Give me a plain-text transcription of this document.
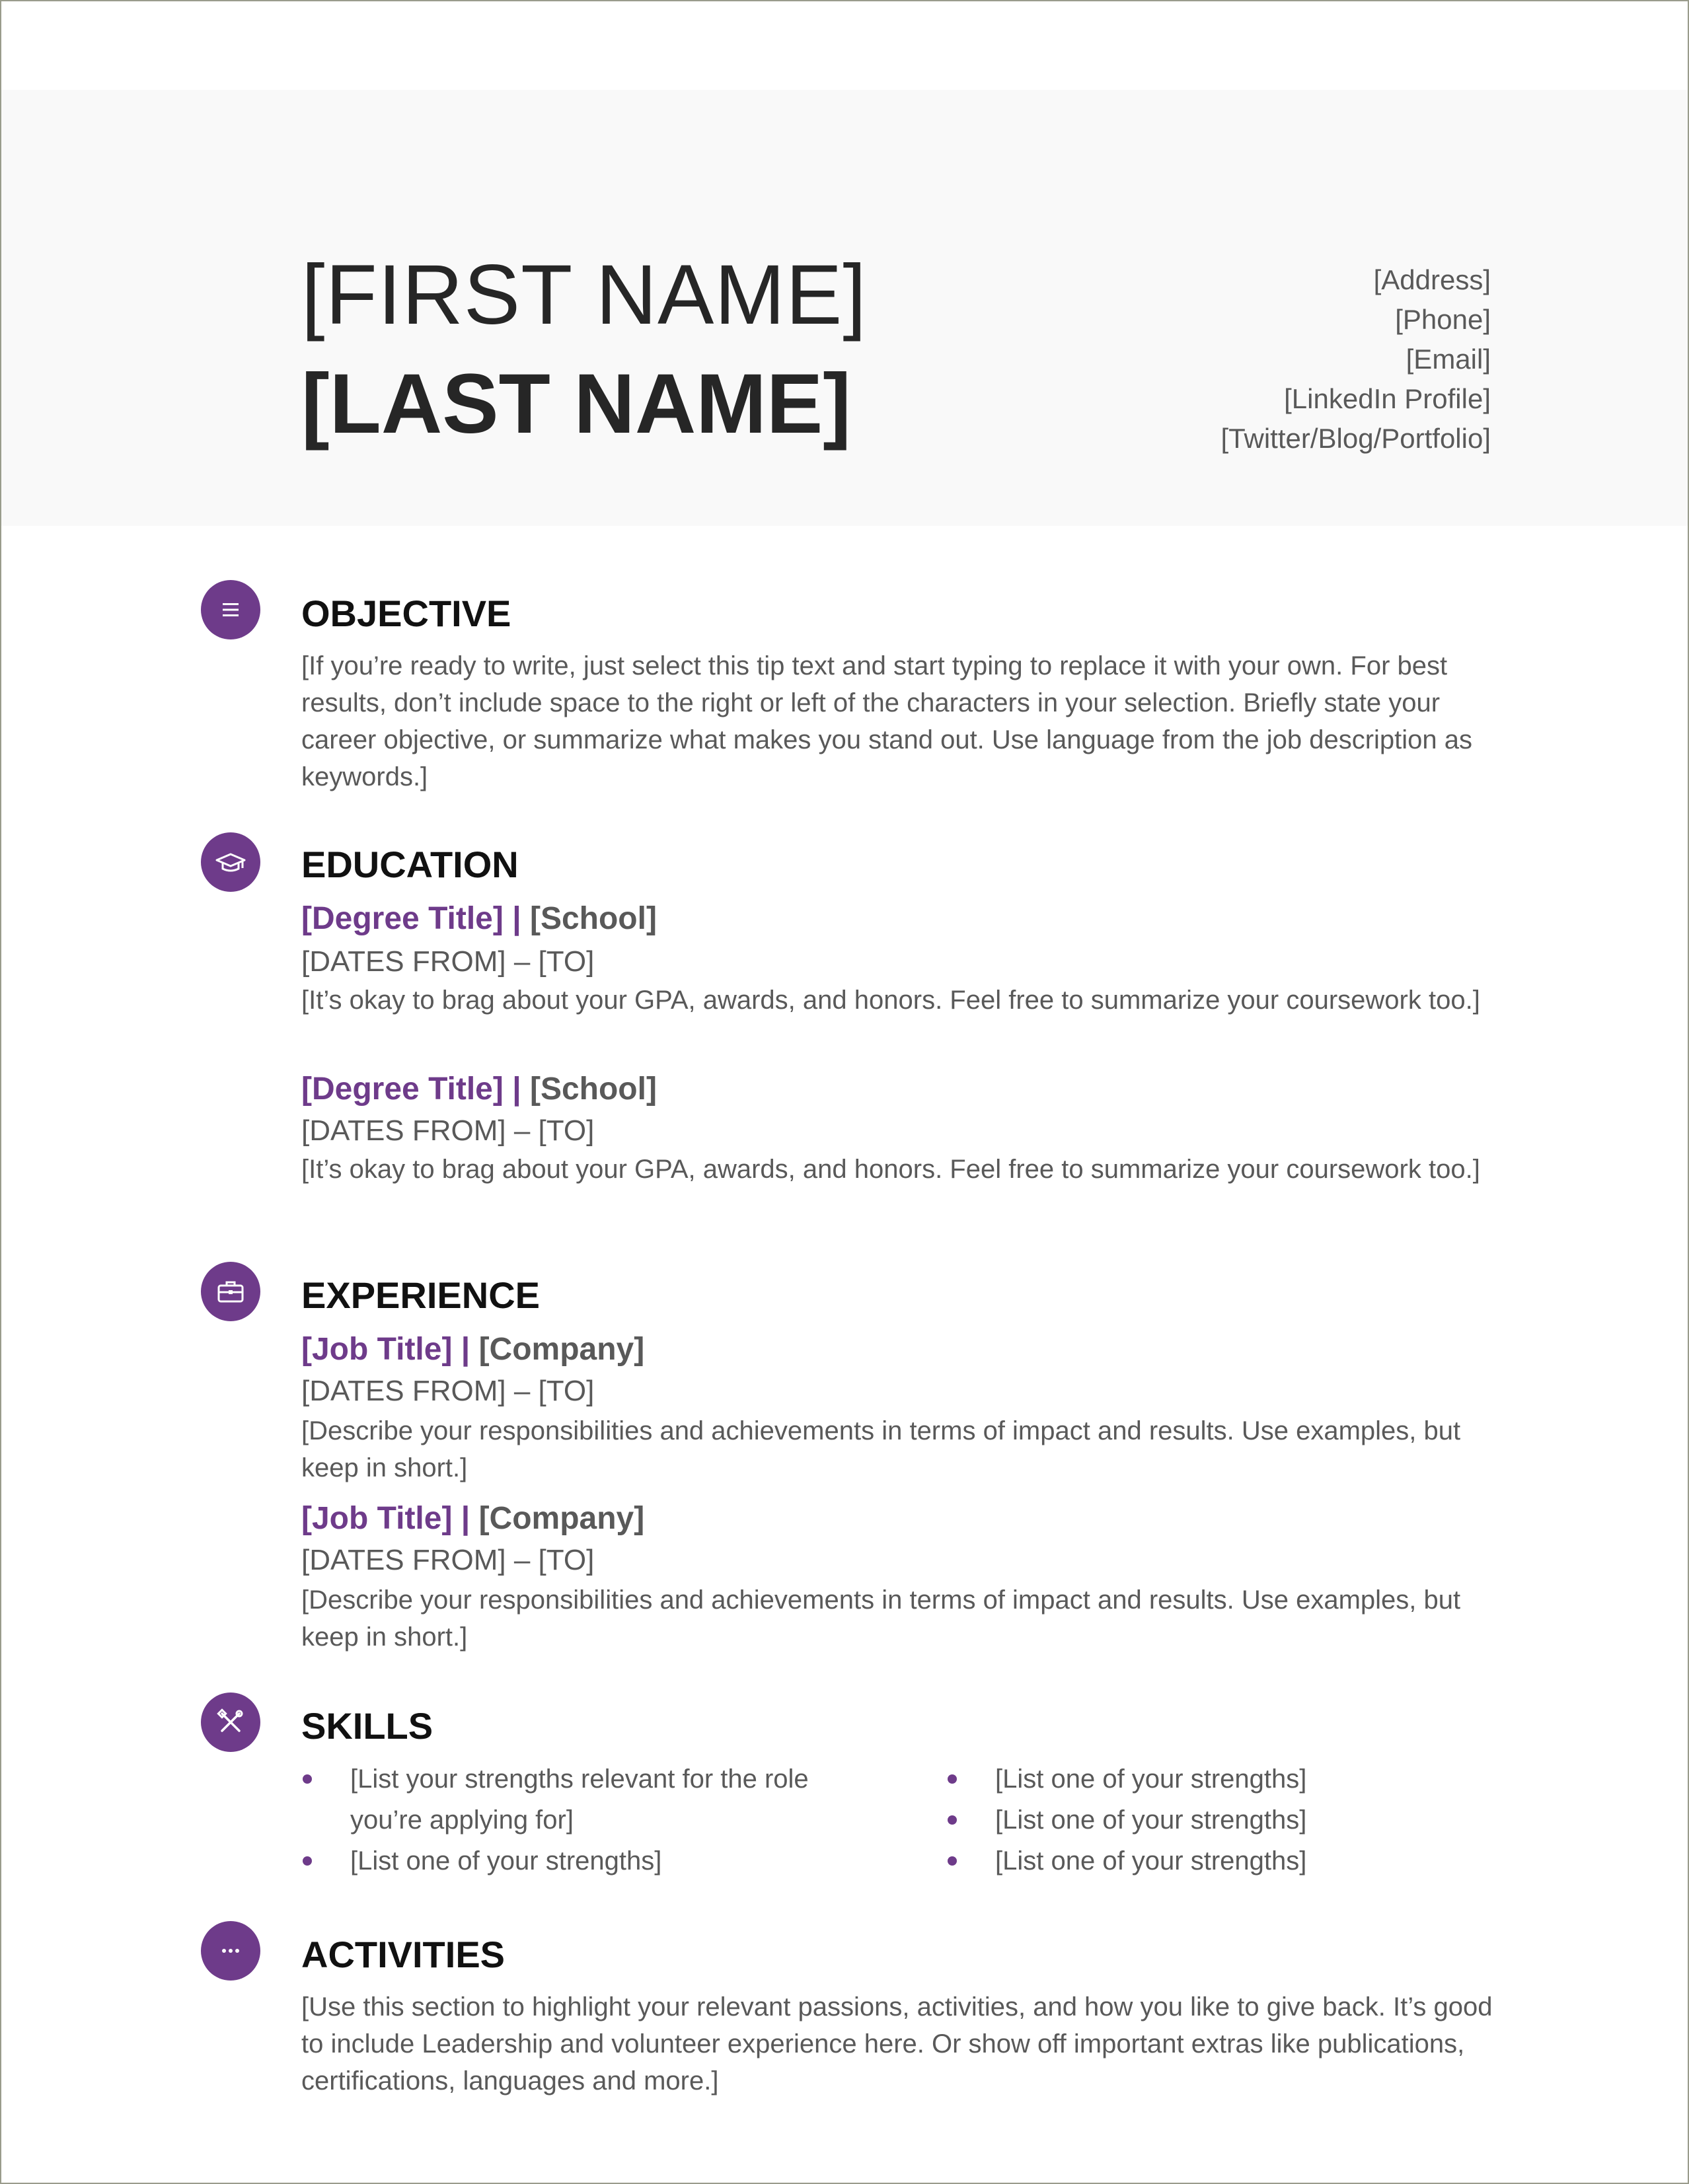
[FIRST NAME]
[LAST NAME]
[Address]
[Phone]
[Email]
[LinkedIn Profile]
[Twitter/Blog/Portfolio]
OBJECTIVE
[If you’re ready to write, just select this tip text and start typing to replace it with your own. For best results, don’t include space to the right or left of the characters in your selection. Briefly state your career objective, or summarize what makes you stand out. Use language from the job description as keywords.]
EDUCATION
[Degree Title] | [School]
[DATES FROM] – [TO]
[It’s okay to brag about your GPA, awards, and honors. Feel free to summarize your coursework too.]
[Degree Title] | [School]
[DATES FROM] – [TO]
[It’s okay to brag about your GPA, awards, and honors. Feel free to summarize your coursework too.]
EXPERIENCE
[Job Title] | [Company]
[DATES FROM] – [TO]
[Describe your responsibilities and achievements in terms of impact and results. Use examples, but keep in short.]
[Job Title] | [Company]
[DATES FROM] – [TO]
[Describe your responsibilities and achievements in terms of impact and results. Use examples, but keep in short.]
SKILLS
[List your strengths relevant for the role you’re applying for]
[List one of your strengths]
[List one of your strengths]
[List one of your strengths]
[List one of your strengths]
ACTIVITIES
[Use this section to highlight your relevant passions, activities, and how you like to give back. It’s good to include Leadership and volunteer experience here. Or show off important extras like publications, certifications, languages and more.]
